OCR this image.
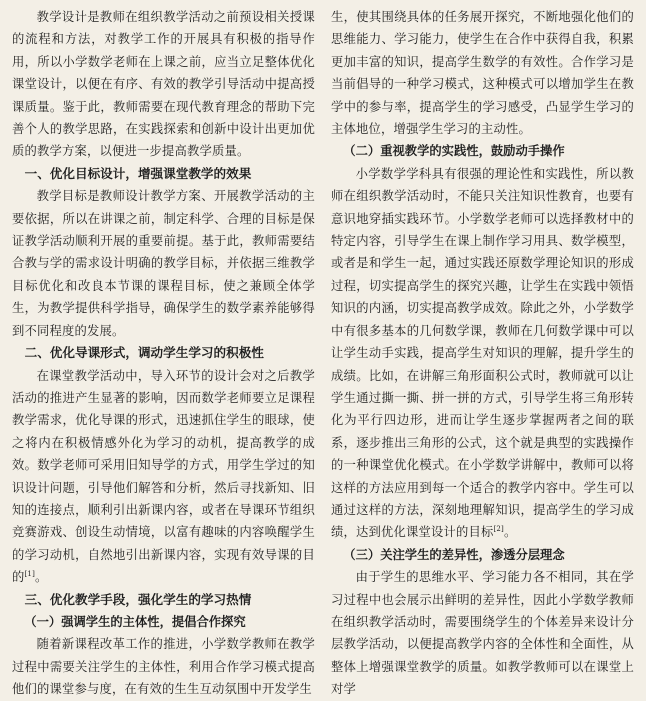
教学设计是教师在组织教学活动之前预设相关授课的流程和方法，对教学工作的开展具有积极的指导作用，所以小学数学老师在上课之前，应当立足整体优化课堂设计，以便在有序、有效的教学引导活动中提高授课质量。鉴于此，教师需要在现代教育理念的帮助下完善个人的教学思路，在实践探索和创新中设计出更加优质的教学方案，以便进一步提高教学质量。

一、优化目标设计，增强课堂教学的效果

教学目标是教师设计教学方案、开展教学活动的主要依据，所以在讲课之前，制定科学、合理的目标是保证教学活动顺利开展的重要前提。基于此，教师需要结合教与学的需求设计明确的教学目标，并依据三维教学目标优化和改良本节课的课程目标，使之兼顾全体学生，为教学提供科学指导，确保学生的数学素养能够得到不同程度的发展。

二、优化导课形式，调动学生学习的积极性

在课堂教学活动中，导入环节的设计会对之后教学活动的推进产生显著的影响，因而数学老师要立足课程教学需求，优化导课的形式，迅速抓住学生的眼球，使之将内在积极情感外化为学习的动机，提高教学的成效。数学老师可采用旧知导学的方式，用学生学过的知识设计问题，引导他们解答和分析，然后寻找新知、旧知的连接点，顺利引出新课内容，或者在导课环节组织竞赛游戏、创设生动情境，以富有趣味的内容唤醒学生的学习动机，自然地引出新课内容，实现有效导课的目的[1]。

三、优化教学手段，强化学生的学习热情
（一）强调学生的主体性，提倡合作探究

随着新课程改革工作的推进，小学数学教师在教学过程中需要关注学生的主体性，利用合作学习模式提高他们的课堂参与度，在有效的生生互动氛围中开发学生

生，使其围绕具体的任务展开探究，不断地强化他们的思维能力、学习能力，使学生在合作中获得自我，积累更加丰富的知识，提高学生数学的有效性。合作学习是当前倡导的一种学习模式，这种模式可以增加学生在教学中的参与率，提高学生的学习感受，凸显学生学习的主体地位，增强学生学习的主动性。

（二）重视教学的实践性，鼓励动手操作

小学数学学科具有很强的理论性和实践性，所以教师在组织教学活动时，不能只关注知识性教育，也要有意识地穿插实践环节。小学数学老师可以选择教材中的特定内容，引导学生在课上制作学习用具、数学模型，或者是和学生一起，通过实践还原数学理论知识的形成过程，切实提高学生的探究兴趣，让学生在实践中领悟知识的内涵，切实提高教学成效。除此之外，小学数学中有很多基本的几何数学课，教师在几何数学课中可以让学生动手实践，提高学生对知识的理解，提升学生的成绩。比如，在讲解三角形面积公式时，教师就可以让学生通过撕一撕、拼一拼的方式，引导学生将三角形转化为平行四边形，进而让学生逐步掌握两者之间的联系，逐步推出三角形的公式，这个就是典型的实践操作的一种课堂优化模式。在小学数学讲解中，教师可以将这样的方法应用到每一个适合的教学内容中。学生可以通过这样的方法，深刻地理解知识，提高学生的学习成绩，达到优化课堂设计的目标[2]。

（三）关注学生的差异性，渗透分层理念

由于学生的思维水平、学习能力各不相同，其在学习过程中也会展示出鲜明的差异性，因此小学数学教师在组织教学活动时，需要围绕学生的个体差异来设计分层教学活动，以便提高教学内容的全体性和全面性，从整体上增强课堂教学的质量。如教学教师可以在课堂上对学
